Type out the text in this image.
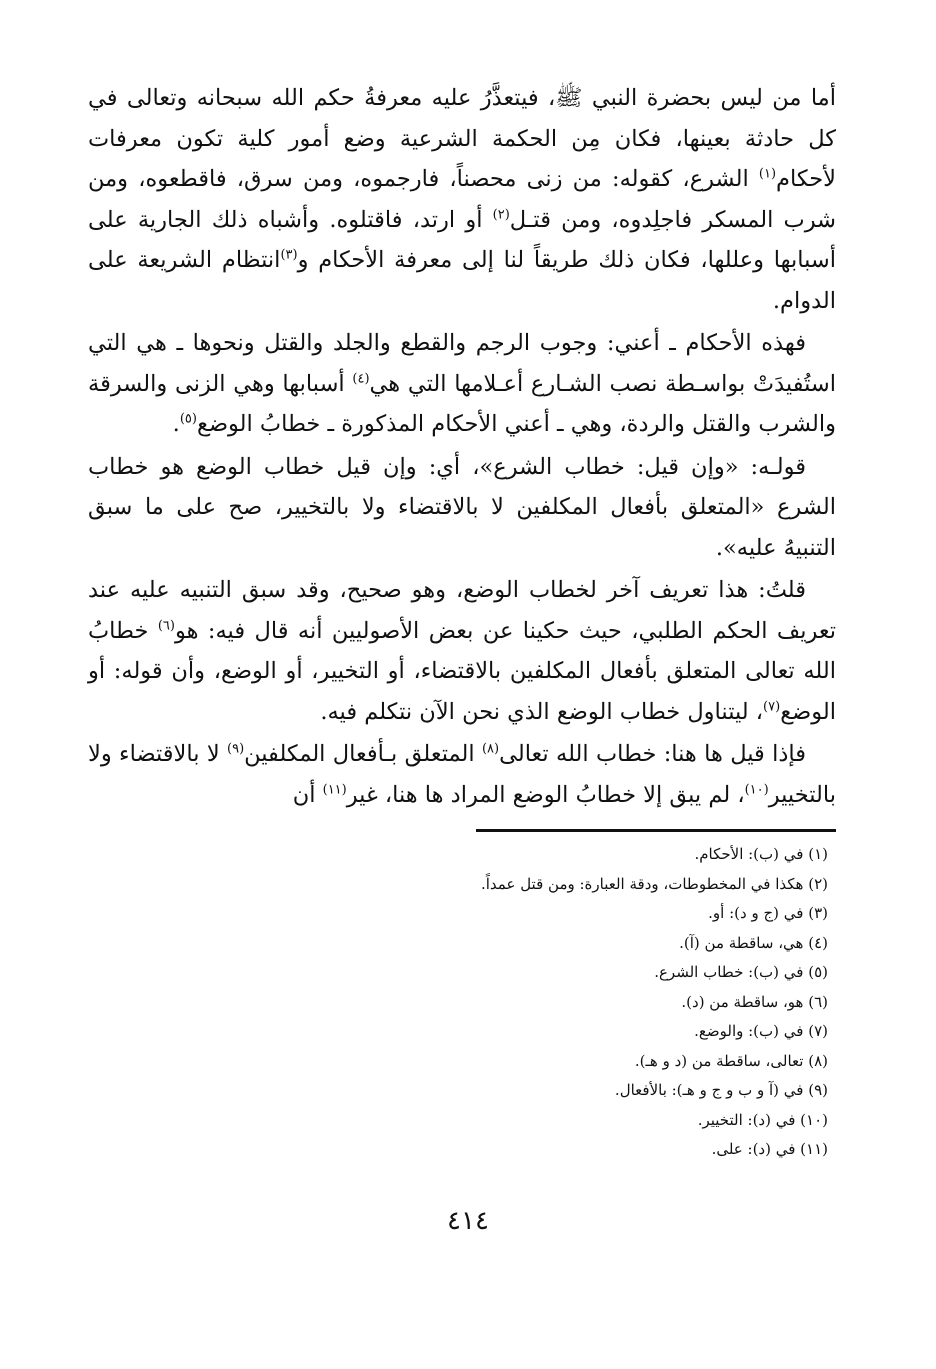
أما من ليس بحضرة النبي ﷺ، فيتعذَّرُ عليه معرفةُ حكم الله سبحانه وتعالى في كل حادثة بعينها، فكان مِن الحكمة الشرعية وضع أمور كلية تكون معرفات لأحكام$^{(١)}$ الشرع، كقوله: من زنى محصناً، فارجموه، ومن سرق، فاقطعوه، ومن شرب المسكر فاجلِدوه، ومن قتـل$^{(٢)}$ أو ارتد، فاقتلوه. وأشباه ذلك الجارية على أسبابها وعللها، فكان ذلك طريقاً لنا إلى معرفة الأحكام و$^{(٣)}$انتظام الشريعة على الدوام.

فهذه الأحكام ـ أعني: وجوب الرجم والقطع والجلد والقتل ونحوها ـ هي التي استُفيدَتْ بواسـطة نصب الشـارع أعـلامها التي هي$^{(٤)}$ أسبابها وهي الزنى والسرقة والشرب والقتل والردة، وهي ـ أعني الأحكام المذكورة ـ خطابُ الوضع$^{(٥)}$.

قولـه: «وإن قيل: خطاب الشرع»، أي: وإن قيل خطاب الوضع هو خطاب الشرع «المتعلق بأفعال المكلفين لا بالاقتضاء ولا بالتخيير، صح على ما سبق التنبيهُ عليه».

قلتُ: هذا تعريف آخر لخطاب الوضع، وهو صحيح، وقد سبق التنبيه عليه عند تعريف الحكم الطلبي، حيث حكينا عن بعض الأصوليين أنه قال فيه: هو$^{(٦)}$ خطابُ الله تعالى المتعلق بأفعال المكلفين بالاقتضاء، أو التخيير، أو الوضع، وأن قوله: أو الوضع$^{(٧)}$، ليتناول خطاب الوضع الذي نحن الآن نتكلم فيه.

فإذا قيل ها هنا: خطاب الله تعالى$^{(٨)}$ المتعلق بـأفعال المكلفين$^{(٩)}$ لا بالاقتضاء ولا بالتخيير$^{(١٠)}$، لم يبق إلا خطابُ الوضع المراد ها هنا، غير$^{(١١)}$ أن

(١) في (ب): الأحكام.
(٢) هكذا في المخطوطات، ودقة العبارة: ومن قتل عمداً.
(٣) في (ج و د): أو.
(٤) هي، ساقطة من (آ).
(٥) في (ب): خطاب الشرع.
(٦) هو، ساقطة من (د).
(٧) في (ب): والوضع.
(٨) تعالى، ساقطة من (د و هـ).
(٩) في (آ و ب و ج و هـ): بالأفعال.
(١٠) في (د): التخيير.
(١١) في (د): على.
٤١٤
